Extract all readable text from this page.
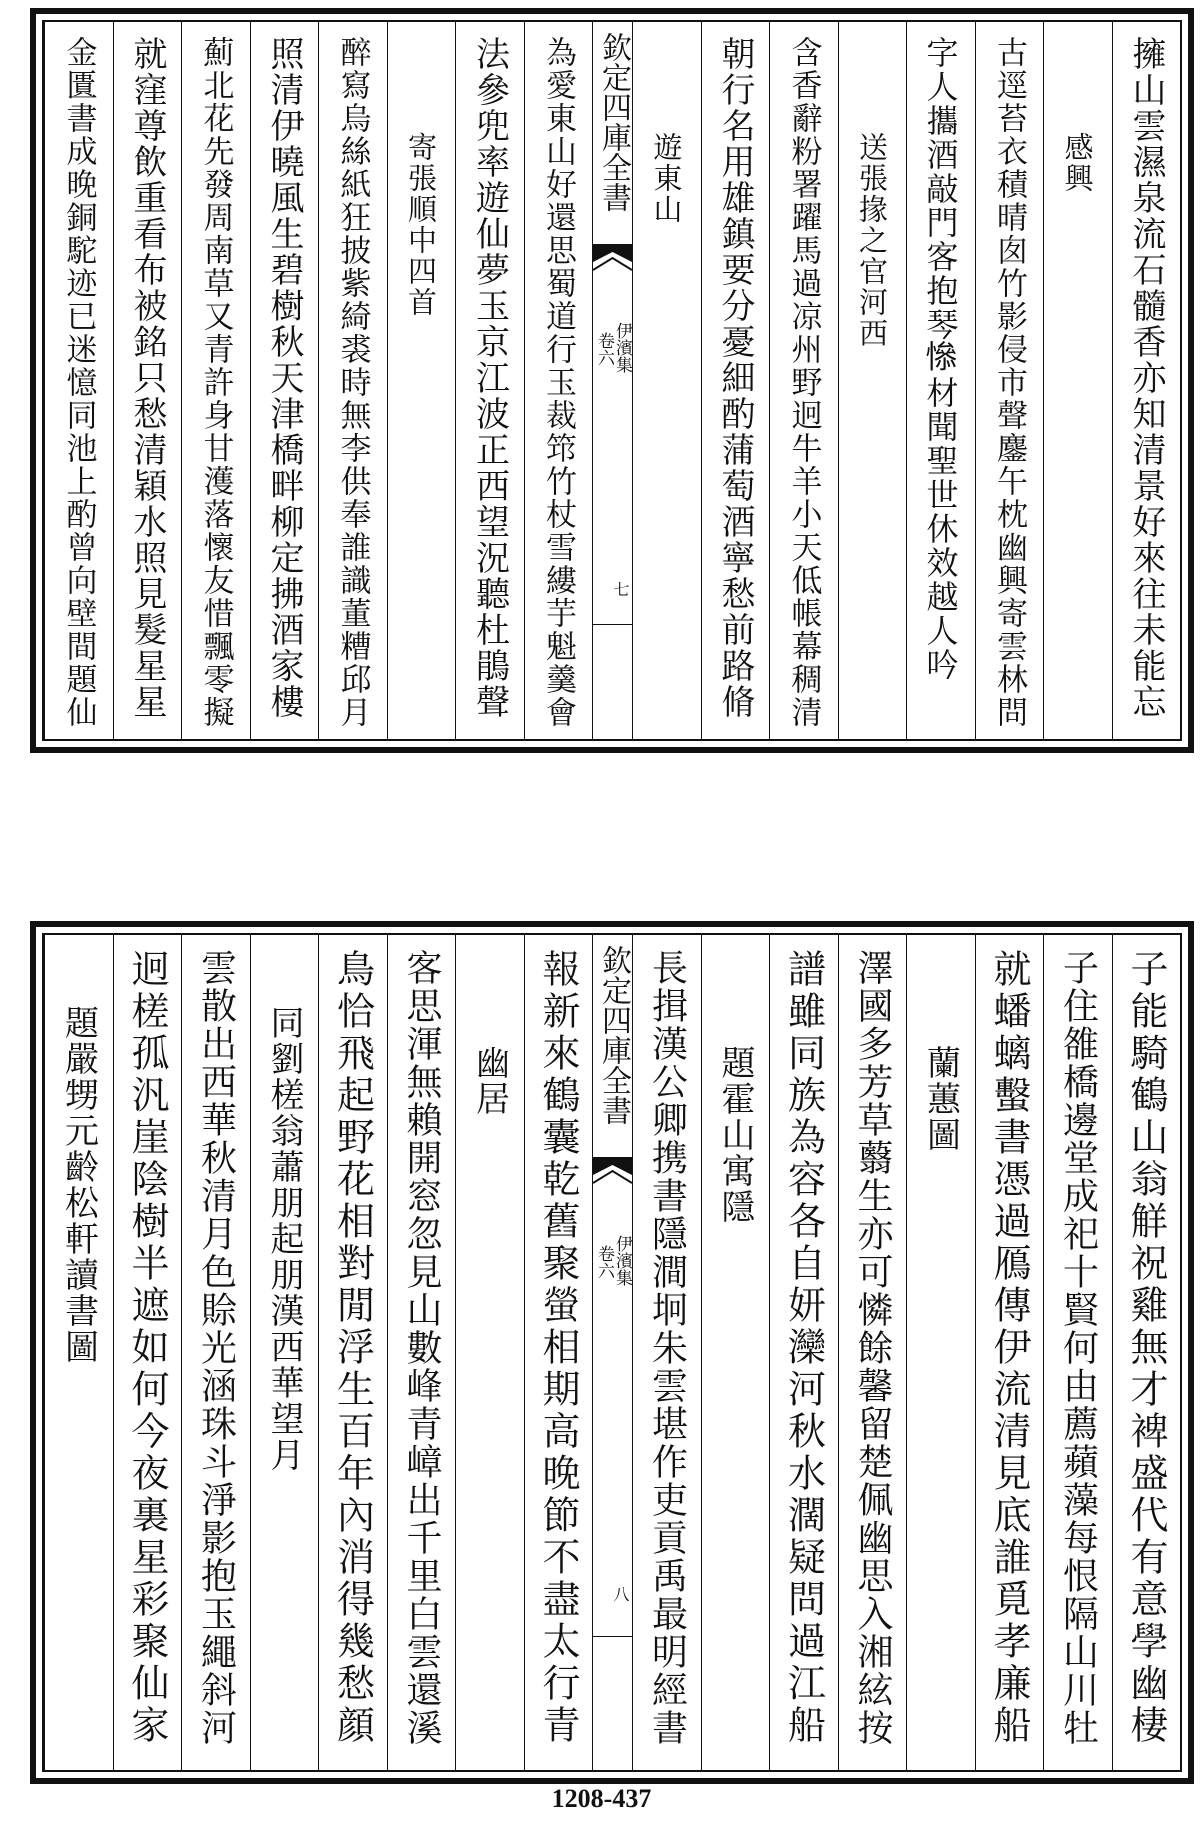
擁山雲濕泉流石髓香亦知清景好來往未能忘
感興
古逕苔衣積晴囱竹影侵市聲鏖午枕幽興寄雲林問
字人攜酒敲門客抱琴𢡖材聞聖世休效越人吟
送張掾之官河西
含香辭粉署躍馬過凉州野迥牛羊小天低帳幕稠清
朝行名用雄鎮要分憂細酌蒲萄酒寧愁前路脩
遊東山
欽定四庫全書
伊濱集
卷六
七
為愛東山好還思蜀道行玉裁筇竹杖雪縷芋魁羹會
法參兜率遊仙夢玉京江波正西望況聽杜鵑聲
寄張順中四首
醉寫烏絲紙狂披紫綺裘時無李供奉誰識董糟邱月
照清伊曉風生碧樹秋天津橋畔柳定拂酒家樓
薊北花先發周南草又青許身甘濩落懷友惜飄零擬
就窪尊飲重看布被銘只愁清穎水照見髮星星
金匱書成晚銅駝迹已迷憶同池上酌曾向壁間題仙
子能騎鶴山翁觧祝雞無才裨盛代有意學幽棲
子住雒橋邊堂成祀十賢何由薦蘋藻每恨隔山川牡
就蟠螭蟿書憑過鴈傳伊流清見底誰覓孝廉船
蘭蕙圖
澤國多芳草蘙生亦可憐餘馨留楚佩幽思入湘絃按
譜雖同族為容各自妍灤河秋水濶疑問過江船
題霍山寓隱
長揖漢公卿携書隱澗坰朱雲堪作吏貢禹最明經書
欽定四庫全書
伊濱集
卷六
八
報新來鶴囊乾舊聚螢相期高晚節不盡太行青
幽居
客思渾無賴開窓忽見山數峰青嶂出千里白雲還溪
鳥恰飛起野花相對閒浮生百年內消得幾愁顔
同劉槎翁蕭朋起朋漢西華望月
雲散出西華秋清月色賒光涵珠斗淨影抱玉繩斜河
迥槎孤汎崖陰樹半遮如何今夜裏星彩聚仙家
題嚴甥元齡松軒讀書圖
1208-437
